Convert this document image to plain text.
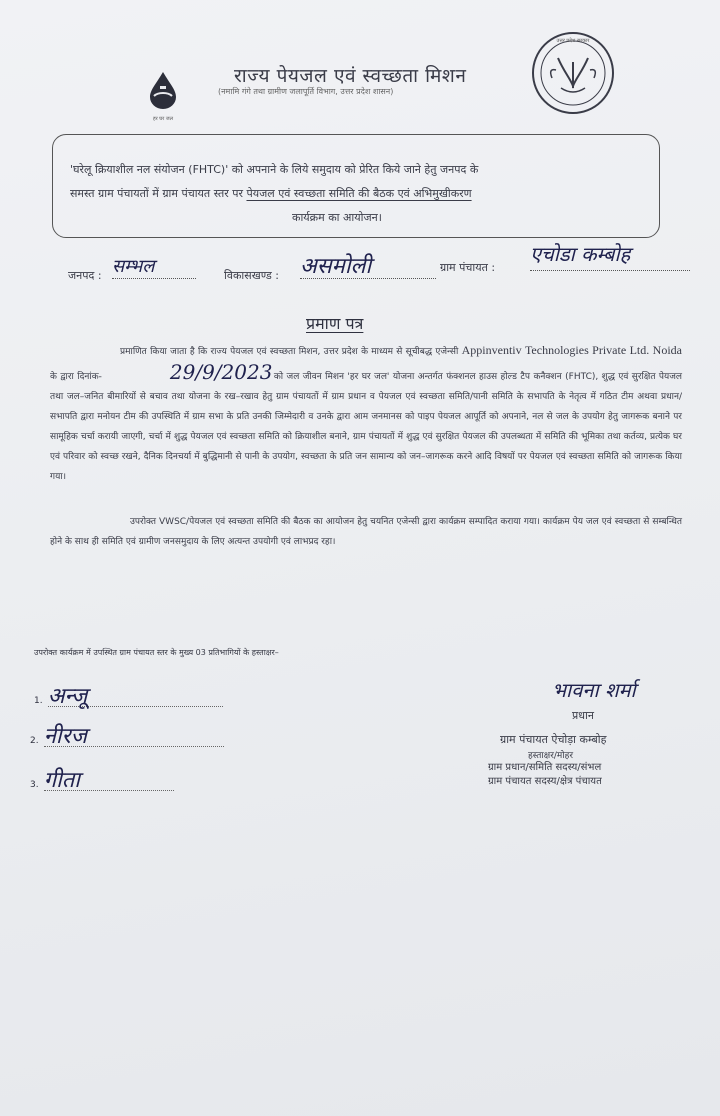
हर घर जल
उत्तर प्रदेश सरकार
राज्य पेयजल एवं स्वच्छता मिशन
(नमामि गंगे तथा ग्रामीण जलापूर्ति विभाग, उत्तर प्रदेश शासन)
'घरेलू क्रियाशील नल संयोजन (FHTC)' को अपनाने के लिये समुदाय को प्रेरित किये जाने हेतु जनपद के
समस्त ग्राम पंचायतों में ग्राम पंचायत स्तर पर पेयजल एवं स्वच्छता समिति की बैठक एवं अभिमुखीकरण
कार्यक्रम का आयोजन।
जनपद : सम्भल	विकासखण्ड : असमोली	ग्राम पंचायत :
एचोडा कम्बोह
प्रमाण पत्र
प्रमाणित किया जाता है कि राज्य पेयजल एवं स्वच्छता मिशन, उत्तर प्रदेश के माध्यम से सूचीबद्ध एजेन्सी Appinventiv Technologies Private Ltd. Noida के द्वारा दिनांक-	29/9/2023 को जल जीवन मिशन 'हर घर जल' योजना अन्तर्गत फंक्शनल हाउस होल्ड टैप कनैक्शन (FHTC), शुद्ध एवं सुरक्षित पेयजल तथा जल–जनित बीमारियों से बचाव तथा योजना के रख–रखाव हेतु ग्राम पंचायतों में ग्राम प्रधान व पेयजल एवं स्वच्छता समिति/पानी समिति के सभापति के नेतृत्व में गठित टीम अथवा प्रधान/सभापति द्वारा मनोयन टीम की उपस्थिति में ग्राम सभा के प्रति उनकी जिम्मेदारी व उनके द्वारा आम जनमानस को पाइप पेयजल आपूर्ति को अपनाने, नल से जल के उपयोग हेतु जागरूक बनाने पर सामूहिक चर्चा करायी जाएगी, चर्चा में शुद्ध पेयजल एवं स्वच्छता समिति को क्रियाशील बनाने, ग्राम पंचायतों में शुद्ध एवं सुरक्षित पेयजल की उपलब्धता में समिति की भूमिका तथा कर्तव्य, प्रत्येक घर एवं परिवार को स्वच्छ रखने, दैनिक दिनचर्या में बुद्धिमानी से पानी के उपयोग, स्वच्छता के प्रति जन सामान्य को जन–जागरूक करने आदि विषयों पर पेयजल एवं स्वच्छता समिति को जागरूक किया गया।
उपरोक्त VWSC/पेयजल एवं स्वच्छता समिति की बैठक का आयोजन हेतु चयनित एजेन्सी द्वारा कार्यक्रम सम्पादित कराया गया। कार्यक्रम पेय जल एवं स्वच्छता से सम्बन्धित होने के साथ ही समिति एवं ग्रामीण जनसमुदाय के लिए अत्यन्त उपयोगी एवं लाभप्रद रहा।
उपरोक्त कार्यक्रम में उपस्थित ग्राम पंचायत स्तर के मुख्य 03 प्रतिभागियों के हस्ताक्षर–
1. अन्जू
2. नीरज
3. गीता
भावना शर्मा
प्रधान
ग्राम पंचायत ऐचोड़ा कम्बोह
हस्ताक्षर/मोहर
ग्राम प्रधान/समिति सदस्य/संभल
ग्राम पंचायत सदस्य/क्षेत्र पंचायत
